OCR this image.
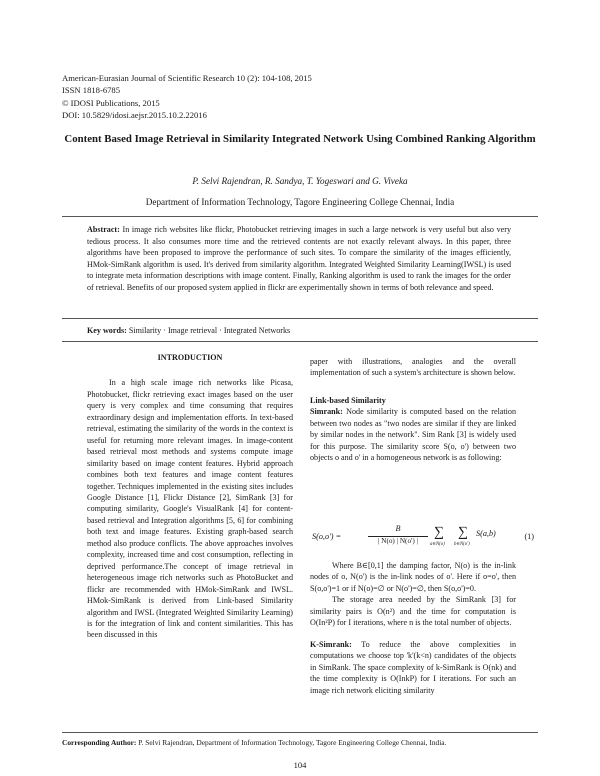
American-Eurasian Journal of Scientific Research 10 (2): 104-108, 2015
ISSN 1818-6785
© IDOSI Publications, 2015
DOI: 10.5829/idosi.aejsr.2015.10.2.22016
Content Based Image Retrieval in Similarity Integrated Network Using Combined Ranking Algorithm
P. Selvi Rajendran, R. Sandya, T. Yogeswari and G. Viveka
Department of Information Technology, Tagore Engineering College Chennai, India
Abstract: In image rich websites like flickr, Photobucket retrieving images in such a large network is very useful but also very tedious process. It also consumes more time and the retrieved contents are not exactly relevant always. In this paper, three algorithms have been proposed to improve the performance of such sites. To compare the similarity of the images efficiently, HMok-SimRank algorithm is used. It's derived from similarity algorithm. Integrated Weighted Similarity Learning(IWSL) is used to integrate meta information descriptions with image content. Finally, Ranking algorithm is used to rank the images for the order of retrieval. Benefits of our proposed system applied in flickr are experimentally shown in terms of both relevance and speed.
Key words: Similarity · Image retrieval · Integrated Networks

INTRODUCTION

In a high scale image rich networks like Picasa, Photobucket, flickr retrieving exact images based on the user query is very complex and time consuming that requires extraordinary design and implementation efforts. In text-based retrieval, estimating the similarity of the words in the context is useful for returning more relevant images. In image-content based retrieval most methods and systems compute image similarity based on image content features. Hybrid approach combines both text features and image content features together. Techniques implemented in the existing sites includes Google Distance [1], Flickr Distance [2], SimRank [3] for computing similarity, Google's VisualRank [4] for content-based retrieval and Integration algorithms [5, 6] for combining both text and image features. Existing graph-based search method also produce conflicts. The above approaches involves complexity, increased time and cost consumption, reflecting in deprived performance.The concept of image retrieval in heterogeneous image rich networks such as PhotoBucket and flickr are recommended with HMok-SimRank and IWSL. HMok-SimRank is derived from Link-based Similarity algorithm and IWSL (Integrated Weighted Similarity Learning) is for the integration of link and content similarities. This has been discussed in this

paper with illustrations, analogies and the overall implementation of such a system's architecture is shown below.

Link-based Similarity

Simrank: Node similarity is computed based on the relation between two nodes as "two nodes are similar if they are linked by similar nodes in the network". Sim Rank [3] is widely used for this purpose. The similarity score S(o, o') between two objects o and o' in a homogeneous network is as following:

S(o,o') =
B
| N(o) | N(o') |
∑
a∈N(o)
∑
b∈N(o')
S(a,b)	(1)

Where B∈[0,1] the damping factor, N(o) is the in-link nodes of o, N(o') is the in-link nodes of o'. Here if o=o', then S(o,o')=1 or if N(o)=∅ or N(o')=∅, then S(o,o')=0.

The storage area needed by the SimRank [3] for similarity pairs is O(n²) and the time for computation is O(In²P) for I iterations, where n is the total number of objects.

K-Simrank: To reduce the above complexities in computations we choose top 'k'(k<n) candidates of the objects in SimRank. The space complexity of k-SimRank is O(nk) and the time complexity is O(InkP) for I iterations. For such an image rich network eliciting similarity

Corresponding Author: P. Selvi Rajendran, Department of Information Technology, Tagore Engineering College Chennai, India.
104
